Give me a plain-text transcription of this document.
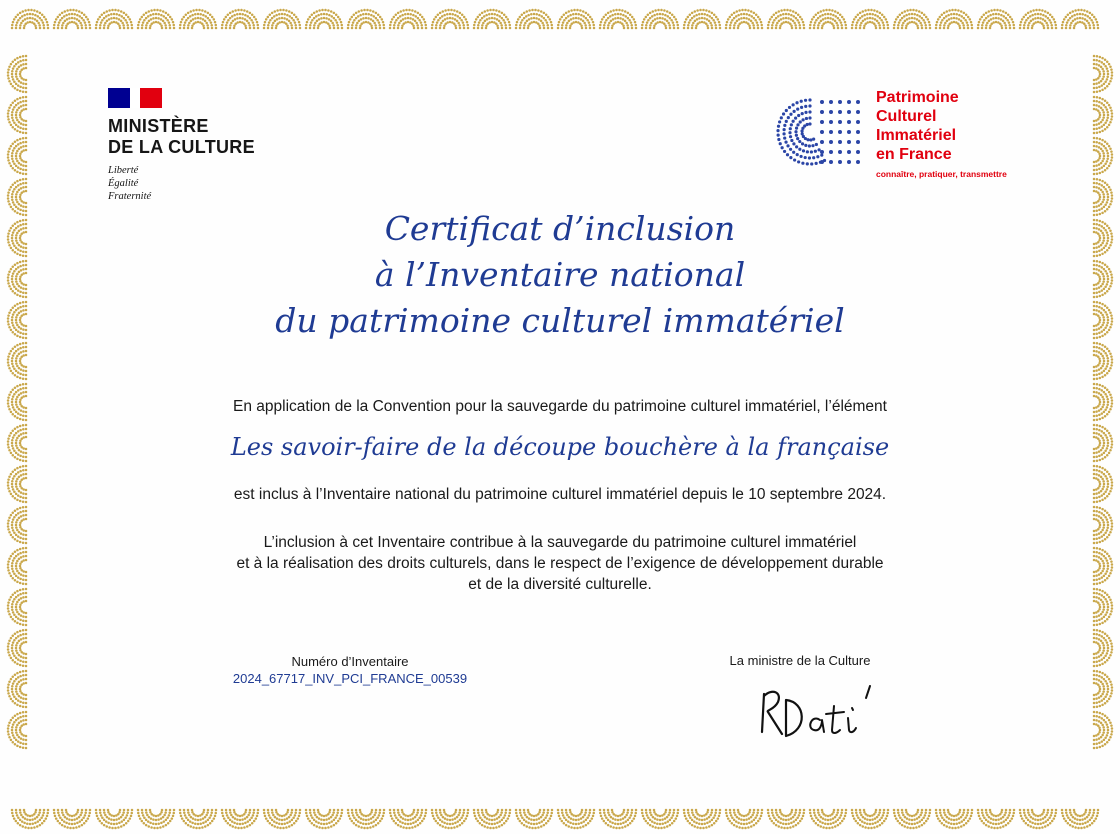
MINISTÈRE
DE LA CULTURE
Liberté
Égalité
Fraternité
Patrimoine
Culturel
Immatériel
en France
connaître, pratiquer, transmettre
Certificat d’inclusion
à l’Inventaire national
du patrimoine culturel immatériel
En application de la Convention pour la sauvegarde du patrimoine culturel immatériel, l’élément
Les savoir-faire de la découpe bouchère à la française
est inclus à l’Inventaire national du patrimoine culturel immatériel depuis le 10 septembre 2024.
L’inclusion à cet Inventaire contribue à la sauvegarde du patrimoine culturel immatériel
et à la réalisation des droits culturels, dans le respect de l’exigence de développement durable
et de la diversité culturelle.
Numéro d’Inventaire
2024_67717_INV_PCI_FRANCE_00539
La ministre de la Culture
